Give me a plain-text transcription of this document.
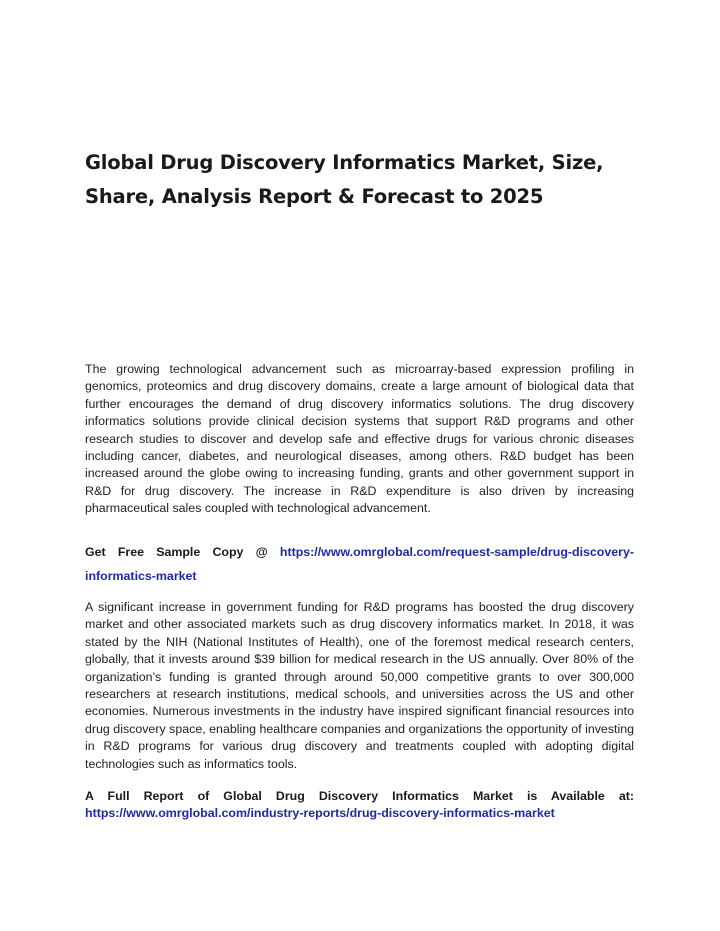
Global Drug Discovery Informatics Market, Size, Share, Analysis Report & Forecast to 2025

The growing technological advancement such as microarray-based expression profiling in genomics, proteomics and drug discovery domains, create a large amount of biological data that further encourages the demand of drug discovery informatics solutions. The drug discovery informatics solutions provide clinical decision systems that support R&D programs and other research studies to discover and develop safe and effective drugs for various chronic diseases including cancer, diabetes, and neurological diseases, among others. R&D budget has been increased around the globe owing to increasing funding, grants and other government support in R&D for drug discovery. The increase in R&D expenditure is also driven by increasing pharmaceutical sales coupled with technological advancement.

Get Free Sample Copy @ https://www.omrglobal.com/request-sample/drug-discovery-informatics-market

A significant increase in government funding for R&D programs has boosted the drug discovery market and other associated markets such as drug discovery informatics market. In 2018, it was stated by the NIH (National Institutes of Health), one of the foremost medical research centers, globally, that it invests around $39 billion for medical research in the US annually. Over 80% of the organization’s funding is granted through around 50,000 competitive grants to over 300,000 researchers at research institutions, medical schools, and universities across the US and other economies. Numerous investments in the industry have inspired significant financial resources into drug discovery space, enabling healthcare companies and organizations the opportunity of investing in R&D programs for various drug discovery and treatments coupled with adopting digital technologies such as informatics tools.

A Full Report of Global Drug Discovery Informatics Market is Available at: https://www.omrglobal.com/industry-reports/drug-discovery-informatics-market
